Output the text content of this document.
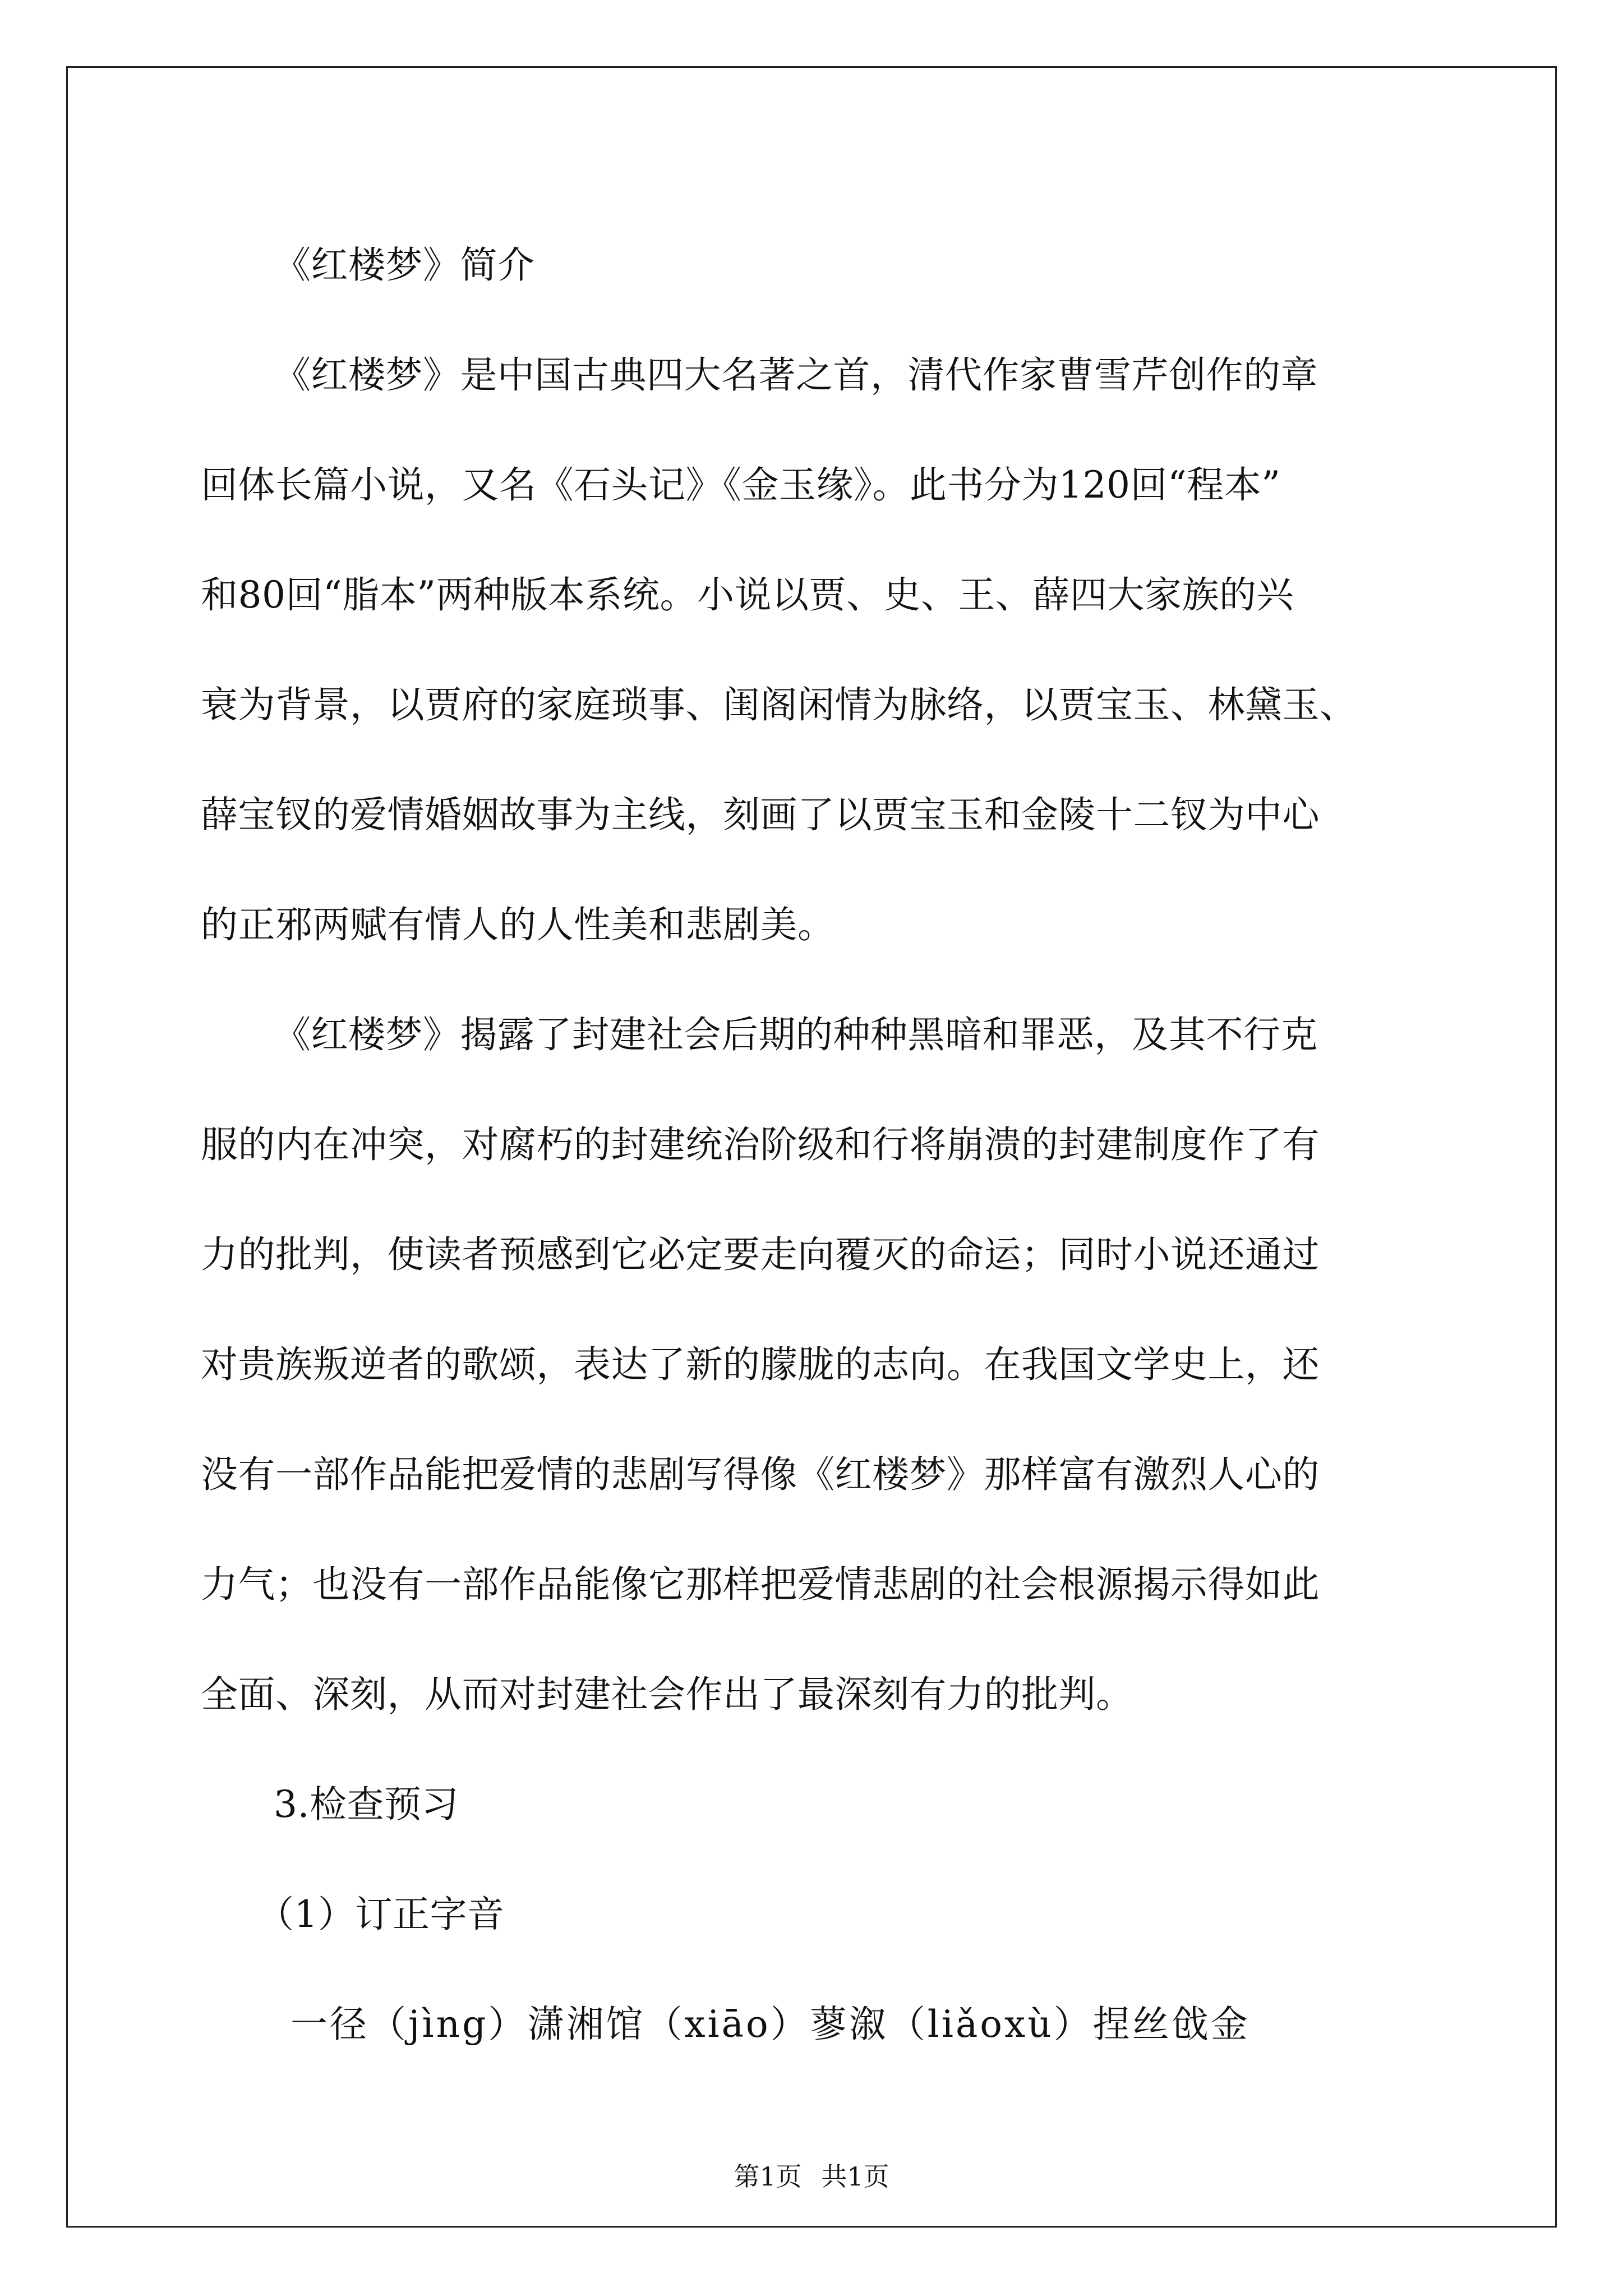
《红楼梦》简介
《红楼梦》是中国古典四大名著之首，清代作家曹雪芹创作的章
回体长篇小说，又名《石头记》《金玉缘》。此书分为120回“程本”
和80回“脂本”两种版本系统。小说以贾、史、王、薛四大家族的兴
衰为背景，以贾府的家庭琐事、闺阁闲情为脉络，以贾宝玉、林黛玉、
薛宝钗的爱情婚姻故事为主线，刻画了以贾宝玉和金陵十二钗为中心
的正邪两赋有情人的人性美和悲剧美。
《红楼梦》揭露了封建社会后期的种种黑暗和罪恶，及其不行克
服的内在冲突，对腐朽的封建统治阶级和行将崩溃的封建制度作了有
力的批判，使读者预感到它必定要走向覆灭的命运；同时小说还通过
对贵族叛逆者的歌颂，表达了新的朦胧的志向。在我国文学史上，还
没有一部作品能把爱情的悲剧写得像《红楼梦》那样富有激烈人心的
力气；也没有一部作品能像它那样把爱情悲剧的社会根源揭示得如此
全面、深刻，从而对封建社会作出了最深刻有力的批判。
3.检查预习
（1）订正字音
一径（jìng）潇湘馆（xiāo）蓼溆（liǎoxù）捏丝戗金
第1页 共1页
